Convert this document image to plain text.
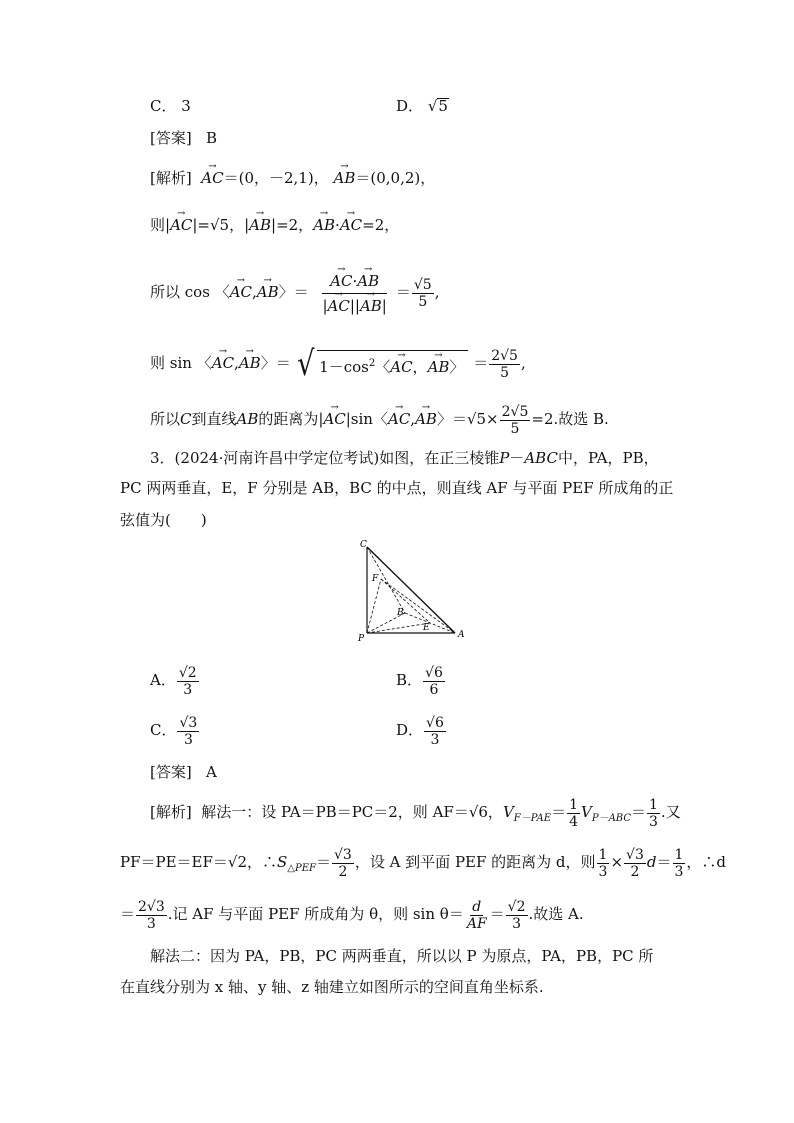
C． 3	D． √5
[答案] B
[解析] → AC＝(0，－2,1)， → AB＝(0,0,2)，
则|→ AC|=√5，|→ AB|=2，→ AB·→ AC=2，
所以 cos 〈→ AC,→ AB〉＝ → $\frac{AC\cdot\to AB}{|\to AC||\to AB|} = \frac{√5}{5}$ ,
则 sin 〈→ AC,→ AB〉＝ √ $1-\cos^2$〈→ AC，→ AB〉 ＝ $\frac{2√5}{5}$ ,
所以C到直线AB的距离为|→ AC|sin〈→ AC,→ AB〉$=√5\times \frac{2√5}{5} =2$.故选 B.
3．(2024·河南许昌中学定位考试)如图，在正三棱锥P－ABC中，PA，PB，
PC 两两垂直，E，F 分别是 AB，BC 的中点，则直线 AF 与平面 PEF 所成角的正
弦值为(　　)
C
F
B
E
P	A
A． $\frac{√2}{3}$	B． $\frac{√6}{6}$
C． $\frac{√3}{3}$	D． $\frac{√6}{3}$
[答案] A
[解析] 解法一：设 PA＝PB＝PC＝2，则 AF＝√6，$V_{F-PAE}= \frac{1}{4} V_{P-ABC}= \frac{1}{3}$ .又
PF＝PE＝EF＝√2，$\therefore S_{\triangle PEF}= \frac{√3}{2}$ ，设 A 到平面 PEF 的距离为 d，则 $\frac{1}{3} \times \frac{√3}{2} d= \frac{1}{3}$ ，∴d
＝ $\frac{2√3}{3}$ .记 AF 与平面 PEF 所成角为 θ，则 $\sin \theta= \frac{d}{AF} = \frac{√2}{3}$ .故选 A.
解法二：因为 PA，PB，PC 两两垂直，所以以 P 为原点，PA，PB，PC 所
在直线分别为 x 轴、y 轴、z 轴建立如图所示的空间直角坐标系.
